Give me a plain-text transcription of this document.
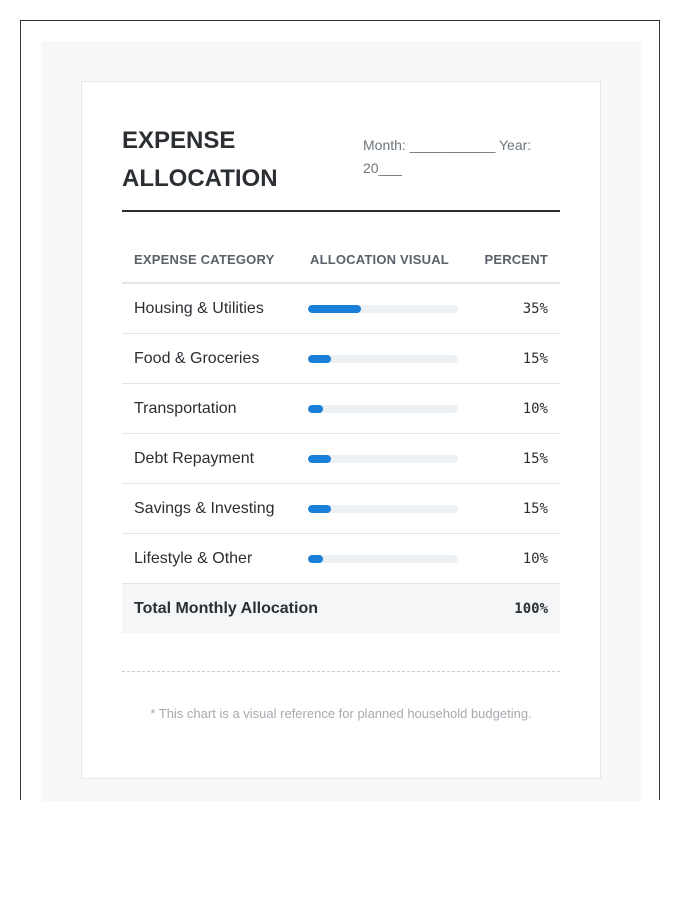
EXPENSE
ALLOCATION
Month: ___________ Year:
20___
EXPENSE CATEGORY	ALLOCATION VISUAL	PERCENT
Housing & Utilities		35%
Food & Groceries		15%
Transportation		10%
Debt Repayment		15%
Savings & Investing		15%
Lifestyle & Other		10%
Total Monthly Allocation		100%
* This chart is a visual reference for planned household budgeting.
